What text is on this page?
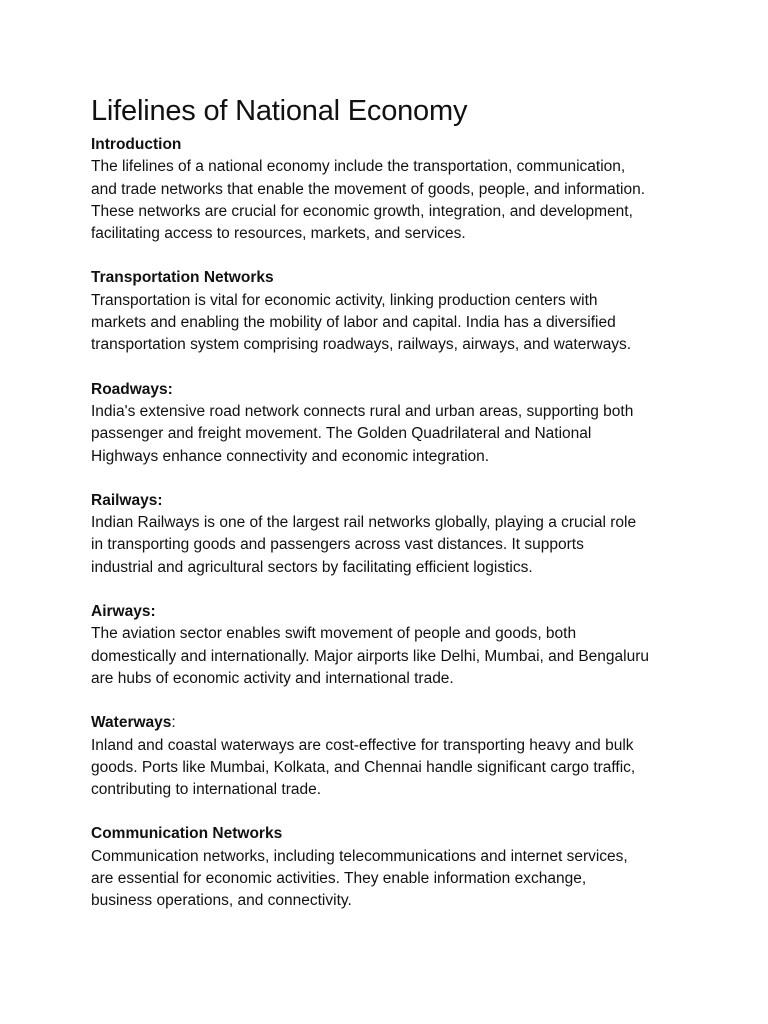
Lifelines of National Economy

Introduction

The lifelines of a national economy include the transportation, communication,
and trade networks that enable the movement of goods, people, and information.
These networks are crucial for economic growth, integration, and development,
facilitating access to resources, markets, and services.

Transportation Networks

Transportation is vital for economic activity, linking production centers with
markets and enabling the mobility of labor and capital. India has a diversified
transportation system comprising roadways, railways, airways, and waterways.

Roadways:

India's extensive road network connects rural and urban areas, supporting both
passenger and freight movement. The Golden Quadrilateral and National
Highways enhance connectivity and economic integration.

Railways:

Indian Railways is one of the largest rail networks globally, playing a crucial role
in transporting goods and passengers across vast distances. It supports
industrial and agricultural sectors by facilitating efficient logistics.

Airways:

The aviation sector enables swift movement of people and goods, both
domestically and internationally. Major airports like Delhi, Mumbai, and Bengaluru
are hubs of economic activity and international trade.

Waterways:

Inland and coastal waterways are cost-effective for transporting heavy and bulk
goods. Ports like Mumbai, Kolkata, and Chennai handle significant cargo traffic,
contributing to international trade.

Communication Networks

Communication networks, including telecommunications and internet services,
are essential for economic activities. They enable information exchange,
business operations, and connectivity.
